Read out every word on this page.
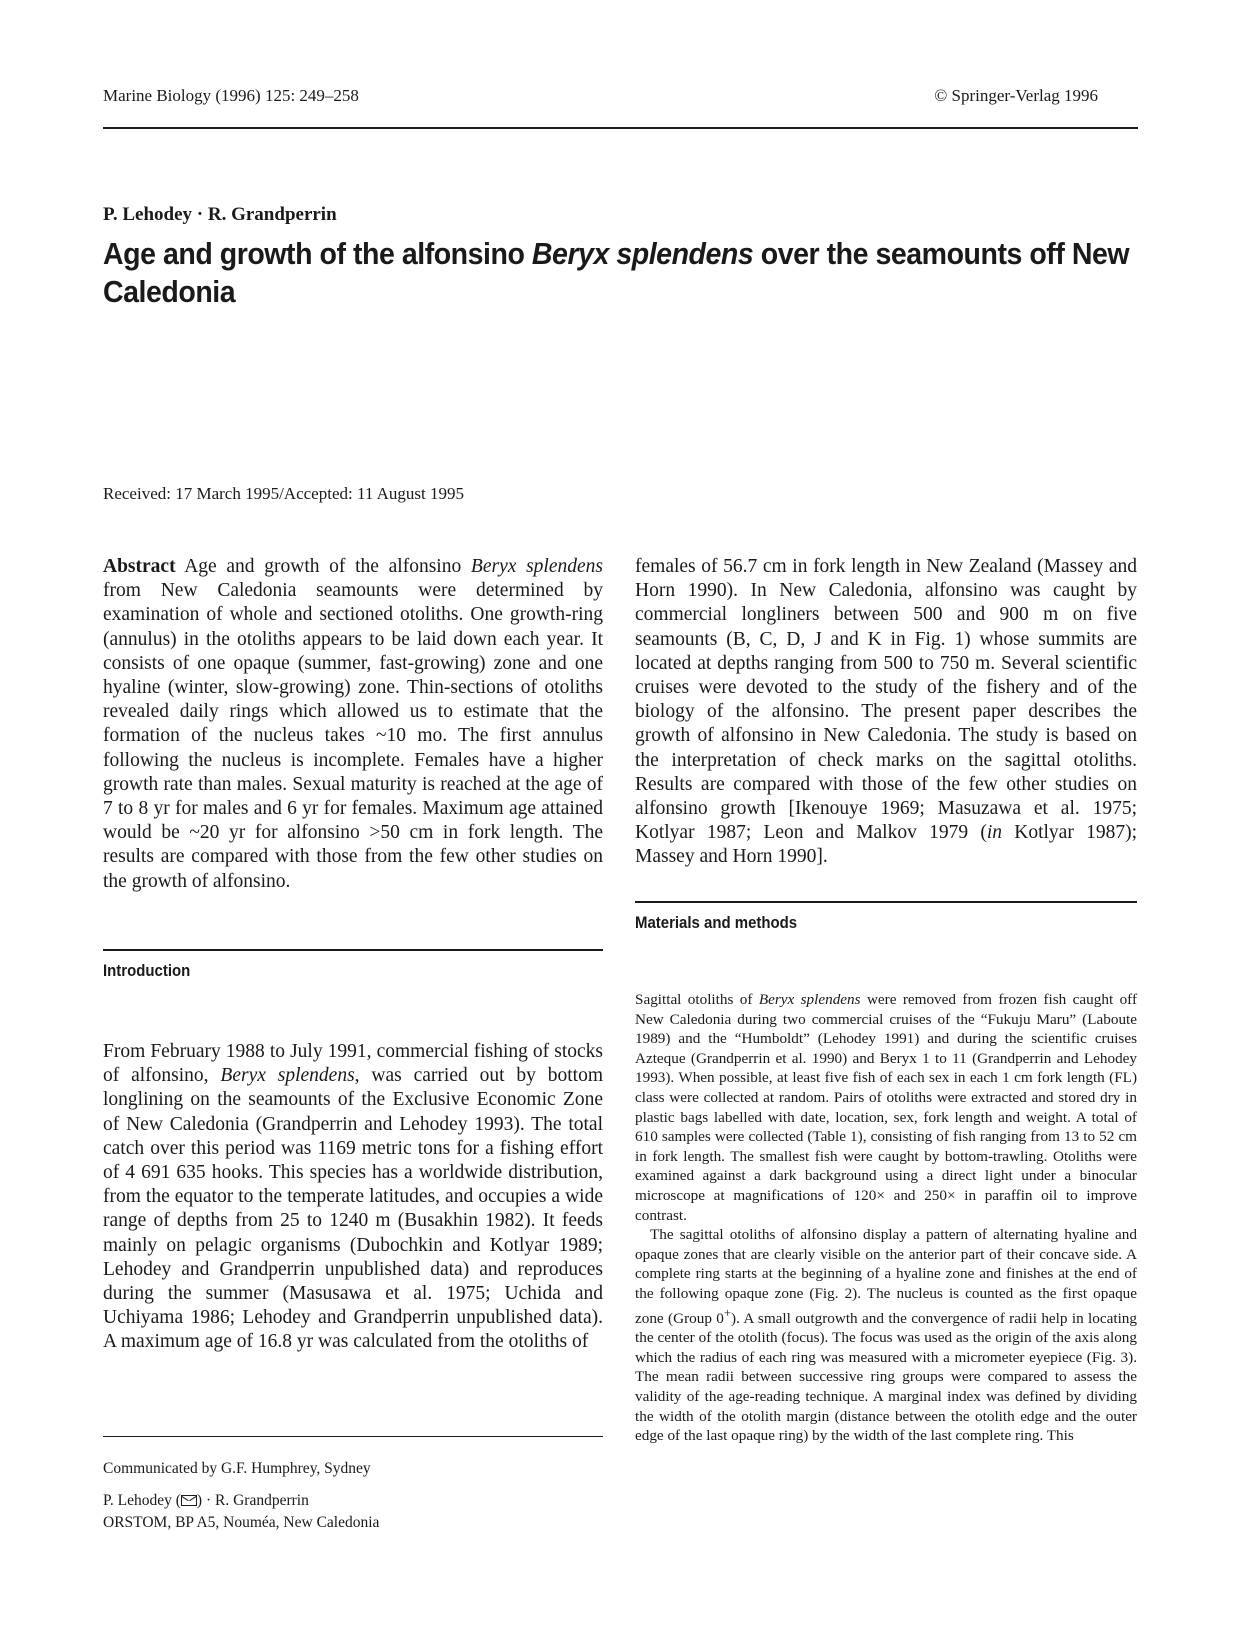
Marine Biology (1996) 125: 249–258	© Springer-Verlag 1996
P. Lehodey · R. Grandperrin
Age and growth of the alfonsino Beryx splendens over the seamounts off New Caledonia
Received: 17 March 1995/Accepted: 11 August 1995
Abstract Age and growth of the alfonsino Beryx splendens from New Caledonia seamounts were determined by examination of whole and sectioned otoliths. One growth-ring (annulus) in the otoliths appears to be laid down each year. It consists of one opaque (summer, fast-growing) zone and one hyaline (winter, slow-growing) zone. Thin-sections of otoliths revealed daily rings which allowed us to estimate that the formation of the nucleus takes ~10 mo. The first annulus following the nucleus is incomplete. Females have a higher growth rate than males. Sexual maturity is reached at the age of 7 to 8 yr for males and 6 yr for females. Maximum age attained would be ~20 yr for alfonsino >50 cm in fork length. The results are compared with those from the few other studies on the growth of alfonsino.
females of 56.7 cm in fork length in New Zealand (Massey and Horn 1990). In New Caledonia, alfonsino was caught by commercial longliners between 500 and 900 m on five seamounts (B, C, D, J and K in Fig. 1) whose summits are located at depths ranging from 500 to 750 m. Several scientific cruises were devoted to the study of the fishery and of the biology of the alfonsino. The present paper describes the growth of alfonsino in New Caledonia. The study is based on the interpretation of check marks on the sagittal otoliths. Results are compared with those of the few other studies on alfonsino growth [Ikenouye 1969; Masuzawa et al. 1975; Kotlyar 1987; Leon and Malkov 1979 (in Kotlyar 1987); Massey and Horn 1990].
Introduction
From February 1988 to July 1991, commercial fishing of stocks of alfonsino, Beryx splendens, was carried out by bottom longlining on the seamounts of the Exclusive Economic Zone of New Caledonia (Grandperrin and Lehodey 1993). The total catch over this period was 1169 metric tons for a fishing effort of 4 691 635 hooks. This species has a worldwide distribution, from the equator to the temperate latitudes, and occupies a wide range of depths from 25 to 1240 m (Busakhin 1982). It feeds mainly on pelagic organisms (Dubochkin and Kotlyar 1989; Lehodey and Grandperrin unpublished data) and reproduces during the summer (Masusawa et al. 1975; Uchida and Uchiyama 1986; Lehodey and Grandperrin unpublished data). A maximum age of 16.8 yr was calculated from the otoliths of
Materials and methods

Sagittal otoliths of Beryx splendens were removed from frozen fish caught off New Caledonia during two commercial cruises of the “Fukuju Maru” (Laboute 1989) and the “Humboldt” (Lehodey 1991) and during the scientific cruises Azteque (Grandperrin et al. 1990) and Beryx 1 to 11 (Grandperrin and Lehodey 1993). When possible, at least five fish of each sex in each 1 cm fork length (FL) class were collected at random. Pairs of otoliths were extracted and stored dry in plastic bags labelled with date, location, sex, fork length and weight. A total of 610 samples were collected (Table 1), consisting of fish ranging from 13 to 52 cm in fork length. The smallest fish were caught by bottom-trawling. Otoliths were examined against a dark background using a direct light under a binocular microscope at magnifications of 120× and 250× in paraffin oil to improve contrast.

The sagittal otoliths of alfonsino display a pattern of alternating hyaline and opaque zones that are clearly visible on the anterior part of their concave side. A complete ring starts at the beginning of a hyaline zone and finishes at the end of the following opaque zone (Fig. 2). The nucleus is counted as the first opaque zone (Group 0+). A small outgrowth and the convergence of radii help in locating the center of the otolith (focus). The focus was used as the origin of the axis along which the radius of each ring was measured with a micrometer eyepiece (Fig. 3). The mean radii between successive ring groups were compared to assess the validity of the age-reading technique. A marginal index was defined by dividing the width of the otolith margin (distance between the otolith edge and the outer edge of the last opaque ring) by the width of the last complete ring. This

Communicated by G.F. Humphrey, Sydney
P. Lehodey ( ) · R. Grandperrin
ORSTOM, BP A5, Nouméa, New Caledonia
